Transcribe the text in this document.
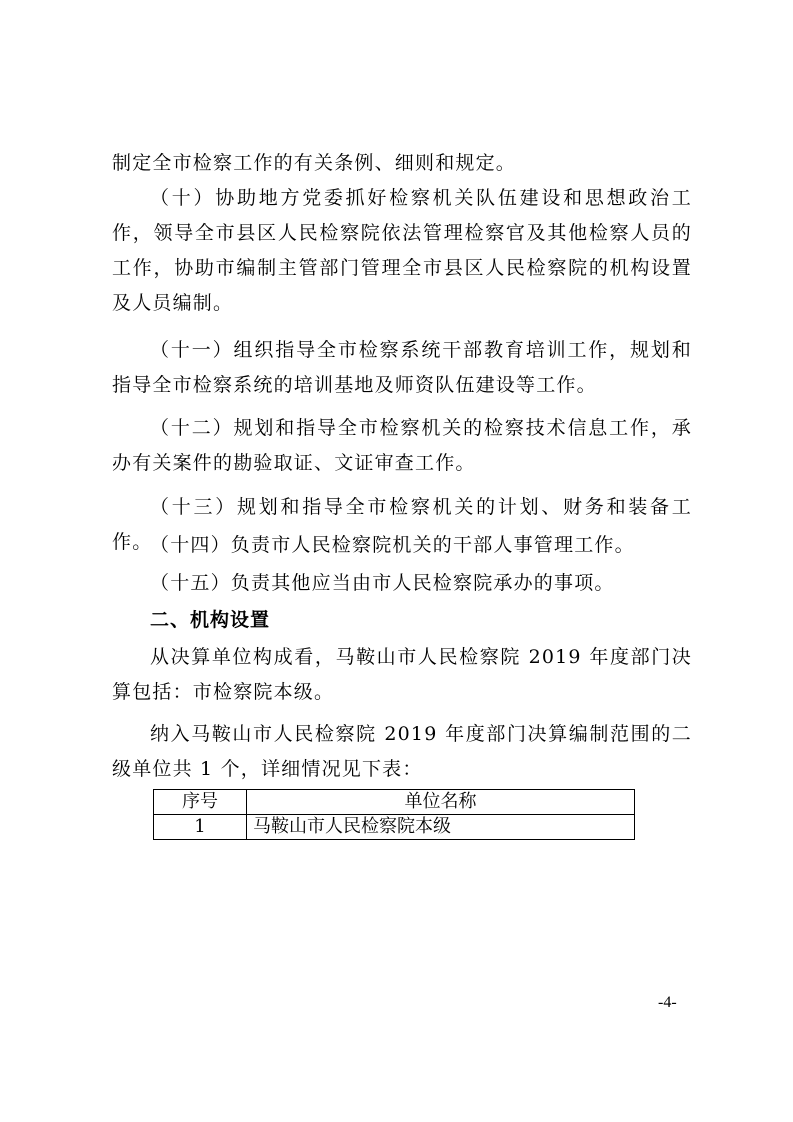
制定全市检察工作的有关条例、细则和规定。

（十）协助地方党委抓好检察机关队伍建设和思想政治工作，领导全市县区人民检察院依法管理检察官及其他检察人员的工作，协助市编制主管部门管理全市县区人民检察院的机构设置及人员编制。

（十一）组织指导全市检察系统干部教育培训工作，规划和指导全市检察系统的培训基地及师资队伍建设等工作。

（十二）规划和指导全市检察机关的检察技术信息工作，承办有关案件的勘验取证、文证审查工作。

（十三）规划和指导全市检察机关的计划、财务和装备工作。

（十四）负责市人民检察院机关的干部人事管理工作。

（十五）负责其他应当由市人民检察院承办的事项。

二、机构设置

从决算单位构成看，马鞍山市人民检察院 2019 年度部门决算包括：市检察院本级。

纳入马鞍山市人民检察院 2019 年度部门决算编制范围的二级单位共 1 个，详细情况见下表：

序号	单位名称
1	马鞍山市人民检察院本级
-4-
